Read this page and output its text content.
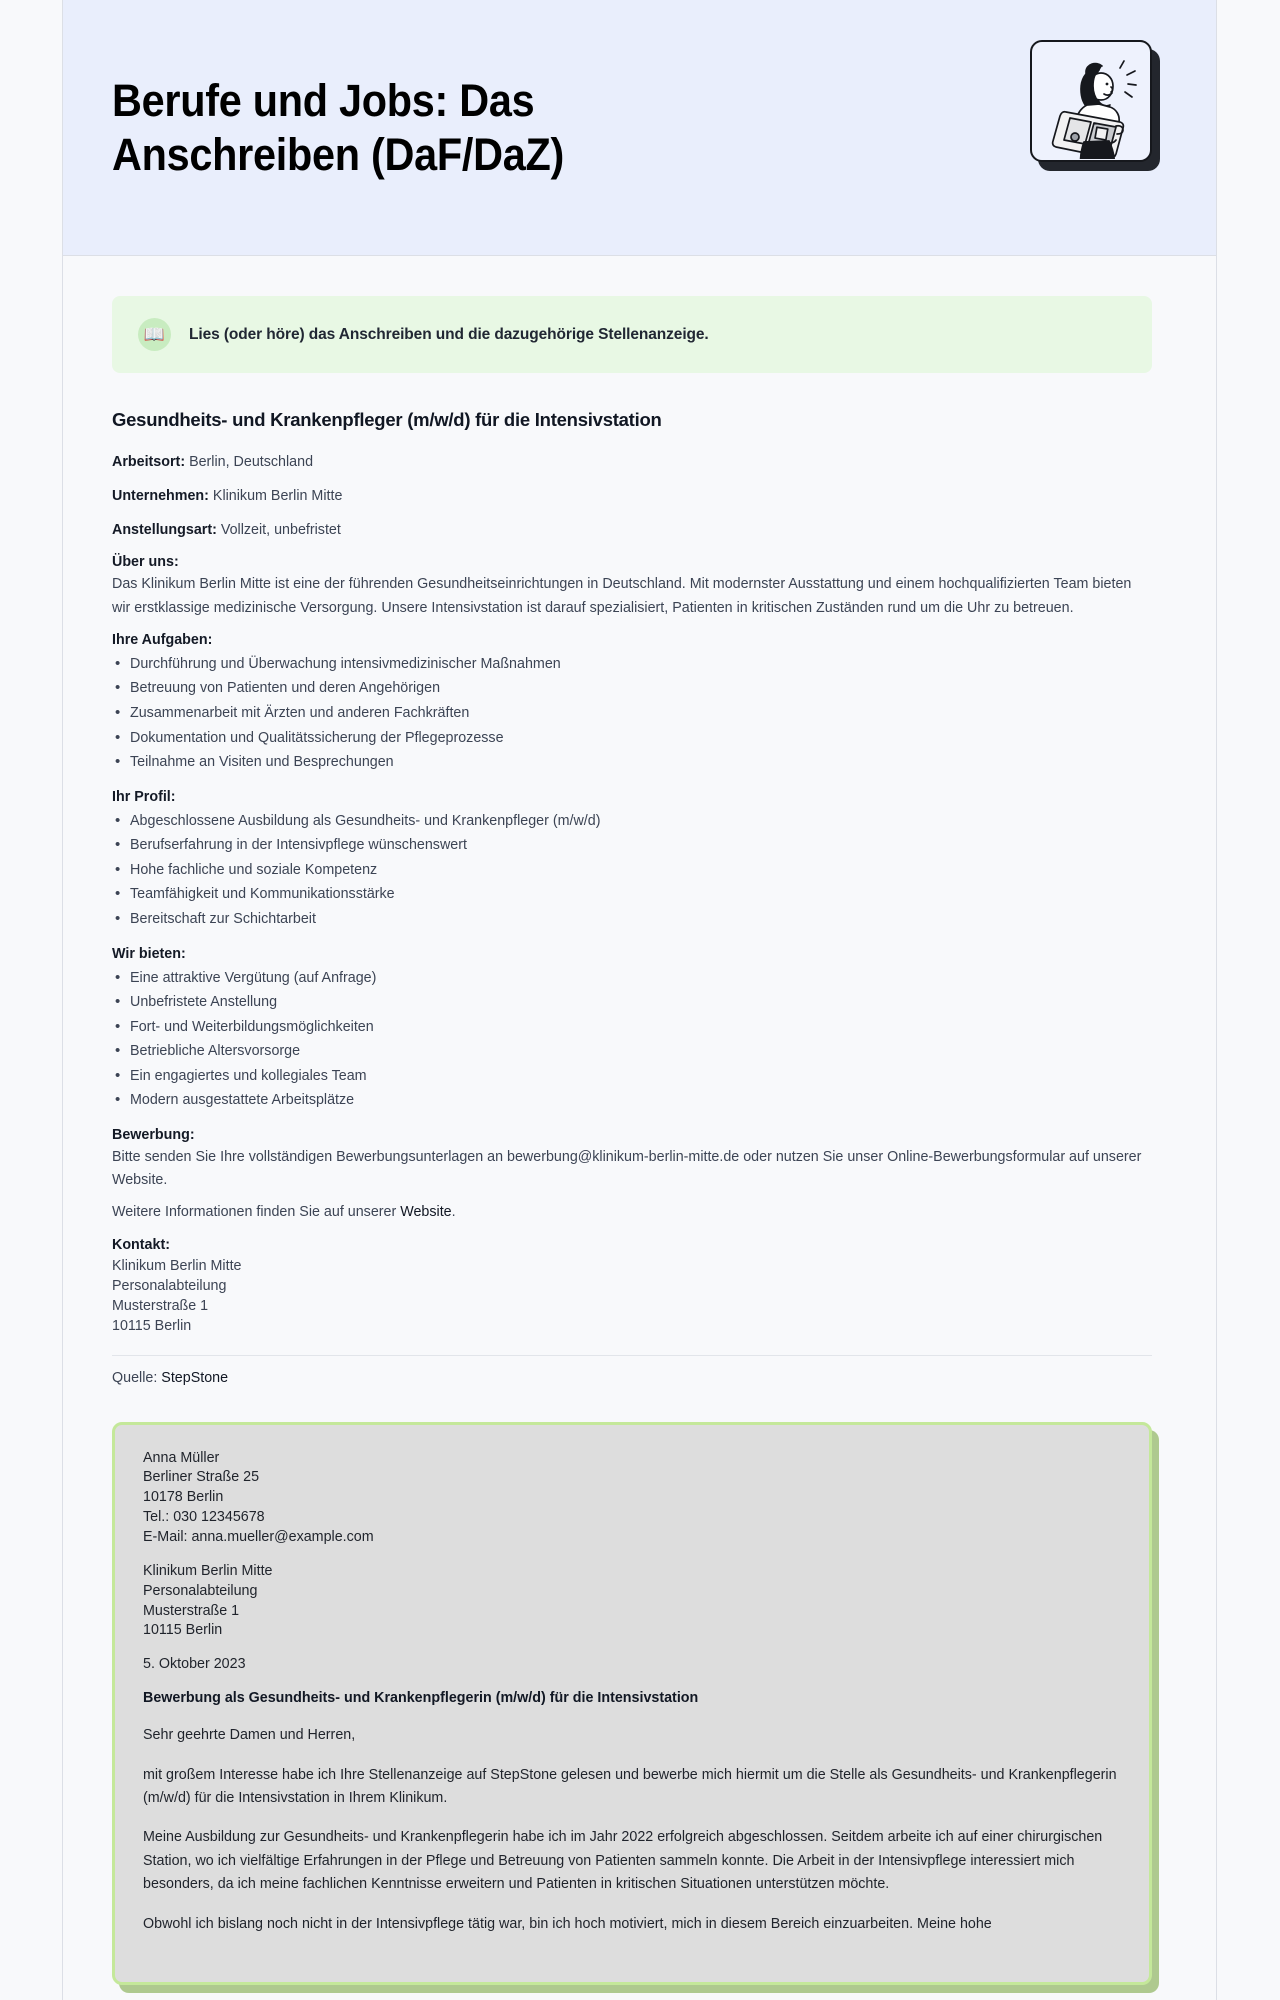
Berufe und Jobs: Das Anschreiben (DaF/DaZ)
📖	Lies (oder höre) das Anschreiben und die dazugehörige Stellenanzeige.
Gesundheits- und Krankenpfleger (m/w/d) für die Intensivstation
Arbeitsort: Berlin, Deutschland
Unternehmen: Klinikum Berlin Mitte
Anstellungsart: Vollzeit, unbefristet
Über uns:

Das Klinikum Berlin Mitte ist eine der führenden Gesundheitseinrichtungen in Deutschland. Mit modernster Ausstattung und einem hochqualifizierten Team bieten wir erstklassige medizinische Versorgung. Unsere Intensivstation ist darauf spezialisiert, Patienten in kritischen Zuständen rund um die Uhr zu betreuen.

Ihre Aufgaben:
• Durchführung und Überwachung intensivmedizinischer Maßnahmen
• Betreuung von Patienten und deren Angehörigen
• Zusammenarbeit mit Ärzten und anderen Fachkräften
• Dokumentation und Qualitätssicherung der Pflegeprozesse
• Teilnahme an Visiten und Besprechungen
Ihr Profil:
• Abgeschlossene Ausbildung als Gesundheits- und Krankenpfleger (m/w/d)
• Berufserfahrung in der Intensivpflege wünschenswert
• Hohe fachliche und soziale Kompetenz
• Teamfähigkeit und Kommunikationsstärke
• Bereitschaft zur Schichtarbeit
Wir bieten:
• Eine attraktive Vergütung (auf Anfrage)
• Unbefristete Anstellung
• Fort- und Weiterbildungsmöglichkeiten
• Betriebliche Altersvorsorge
• Ein engagiertes und kollegiales Team
• Modern ausgestattete Arbeitsplätze
Bewerbung:

Bitte senden Sie Ihre vollständigen Bewerbungsunterlagen an bewerbung@klinikum-berlin-mitte.de oder nutzen Sie unser Online-Bewerbungsformular auf unserer Website.

Weitere Informationen finden Sie auf unserer Website.

Kontakt:
Klinikum Berlin Mitte
Personalabteilung
Musterstraße 1
10115 Berlin
Quelle: StepStone
Anna Müller
Berliner Straße 25
10178 Berlin
Tel.: 030 12345678
E-Mail: anna.mueller@example.com
Klinikum Berlin Mitte
Personalabteilung
Musterstraße 1
10115 Berlin
5. Oktober 2023
Bewerbung als Gesundheits- und Krankenpflegerin (m/w/d) für die Intensivstation
Sehr geehrte Damen und Herren,
mit großem Interesse habe ich Ihre Stellenanzeige auf StepStone gelesen und bewerbe mich hiermit um die Stelle als Gesundheits- und Krankenpflegerin (m/w/d) für die Intensivstation in Ihrem Klinikum.
Meine Ausbildung zur Gesundheits- und Krankenpflegerin habe ich im Jahr 2022 erfolgreich abgeschlossen. Seitdem arbeite ich auf einer chirurgischen Station, wo ich vielfältige Erfahrungen in der Pflege und Betreuung von Patienten sammeln konnte. Die Arbeit in der Intensivpflege interessiert mich besonders, da ich meine fachlichen Kenntnisse erweitern und Patienten in kritischen Situationen unterstützen möchte.
Obwohl ich bislang noch nicht in der Intensivpflege tätig war, bin ich hoch motiviert, mich in diesem Bereich einzuarbeiten. Meine hohe
